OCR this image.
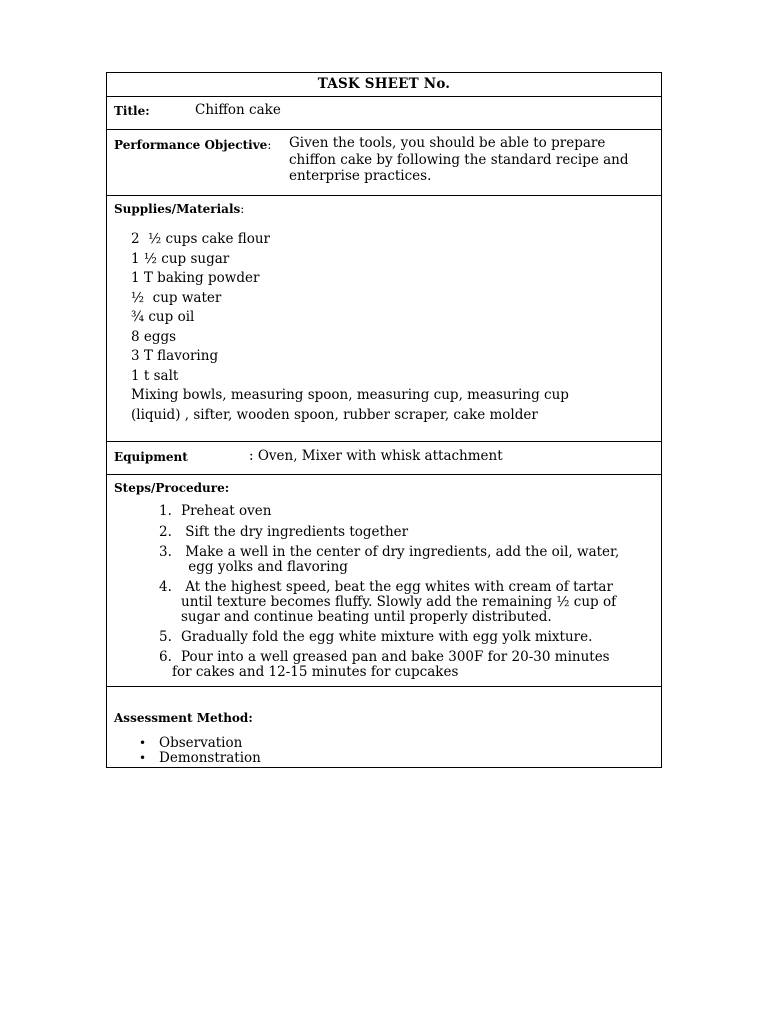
TASK SHEET No.
Title:	Chiffon cake
Performance Objective: Given the tools, you should be able to prepare
chiffon cake by following the standard recipe and
enterprise practices.
Supplies/Materials:
2  ½ cups cake flour
1 ½ cup sugar
1 T baking powder
½  cup water
¾ cup oil
8 eggs
3 T flavoring
1 t salt
Mixing bowls, measuring spoon, measuring cup, measuring cup
(liquid) , sifter, wooden spoon, rubber scraper, cake molder
Equipment	: Oven, Mixer with whisk attachment
Steps/Procedure:
1. Preheat oven
2. Sift the dry ingredients together
3. Make a well in the center of dry ingredients, add the oil, water,
egg yolks and flavoring
4. At the highest speed, beat the egg whites with cream of tartar
until texture becomes fluffy. Slowly add the remaining ½ cup of
sugar and continue beating until properly distributed.
5. Gradually fold the egg white mixture with egg yolk mixture.
6. Pour into a well greased pan and bake 300F for 20-30 minutes
for cakes and 12-15 minutes for cupcakes
Assessment Method:
• Observation
• Demonstration
